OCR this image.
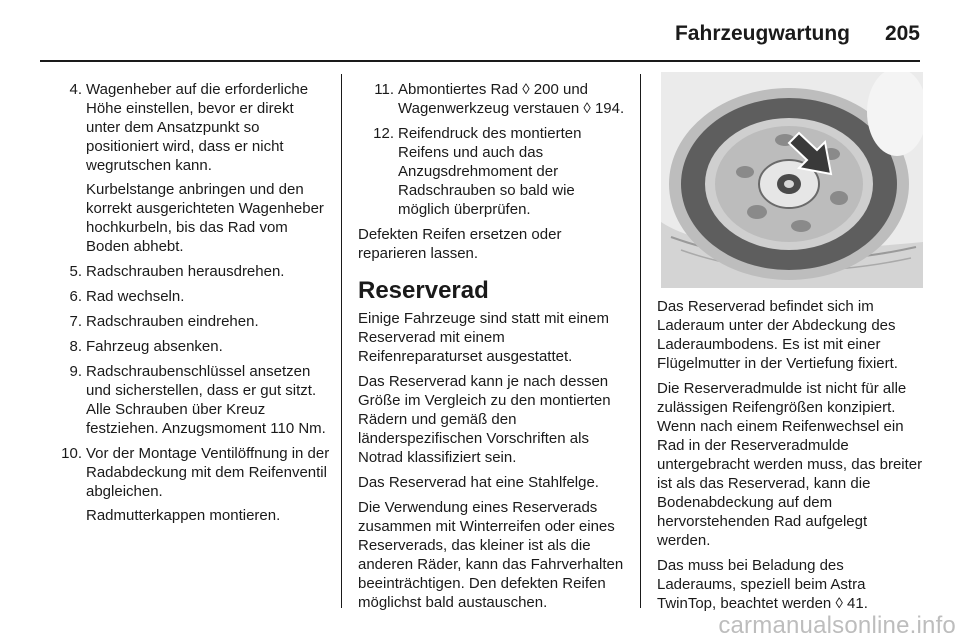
Fahrzeugwartung 205
4. Wagenheber auf die erforderliche Höhe einstellen, bevor er direkt unter dem Ansatzpunkt so positioniert wird, dass er nicht wegrutschen kann.
Kurbelstange anbringen und den korrekt ausgerichteten Wagenheber hochkurbeln, bis das Rad vom Boden abhebt.
5. Radschrauben herausdrehen.
6. Rad wechseln.
7. Radschrauben eindrehen.
8. Fahrzeug absenken.
9. Radschraubenschlüssel ansetzen und sicherstellen, dass er gut sitzt. Alle Schrauben über Kreuz festziehen. Anzugsmoment 110 Nm.
10. Vor der Montage Ventilöffnung in der Radabdeckung mit dem Reifenventil abgleichen.
Radmutterkappen montieren.
11. Abmontiertes Rad ◊ 200 und Wagenwerkzeug verstauen ◊ 194.
12. Reifendruck des montierten Reifens und auch das Anzugsdrehmoment der Radschrauben so bald wie möglich überprüfen.

Defekten Reifen ersetzen oder reparieren lassen.

Reserverad

Einige Fahrzeuge sind statt mit einem Reserverad mit einem Reifenreparaturset ausgestattet.

Das Reserverad kann je nach dessen Größe im Vergleich zu den montierten Rädern und gemäß den länderspezifischen Vorschriften als Notrad klassifiziert sein.

Das Reserverad hat eine Stahlfelge.

Die Verwendung eines Reserverads zusammen mit Winterreifen oder eines Reserverads, das kleiner ist als die anderen Räder, kann das Fahrverhalten beeinträchtigen. Den defekten Reifen möglichst bald austauschen.

Das Reserverad befindet sich im Laderaum unter der Abdeckung des Laderaumbodens. Es ist mit einer Flügelmutter in der Vertiefung fixiert.

Die Reserveradmulde ist nicht für alle zulässigen Reifengrößen konzipiert. Wenn nach einem Reifenwechsel ein Rad in der Reserveradmulde untergebracht werden muss, das breiter ist als das Reserverad, kann die Bodenabdeckung auf dem hervorstehenden Rad aufgelegt werden.

Das muss bei Beladung des Laderaums, speziell beim Astra TwinTop, beachtet werden ◊ 41.

carmanualsonline.info
